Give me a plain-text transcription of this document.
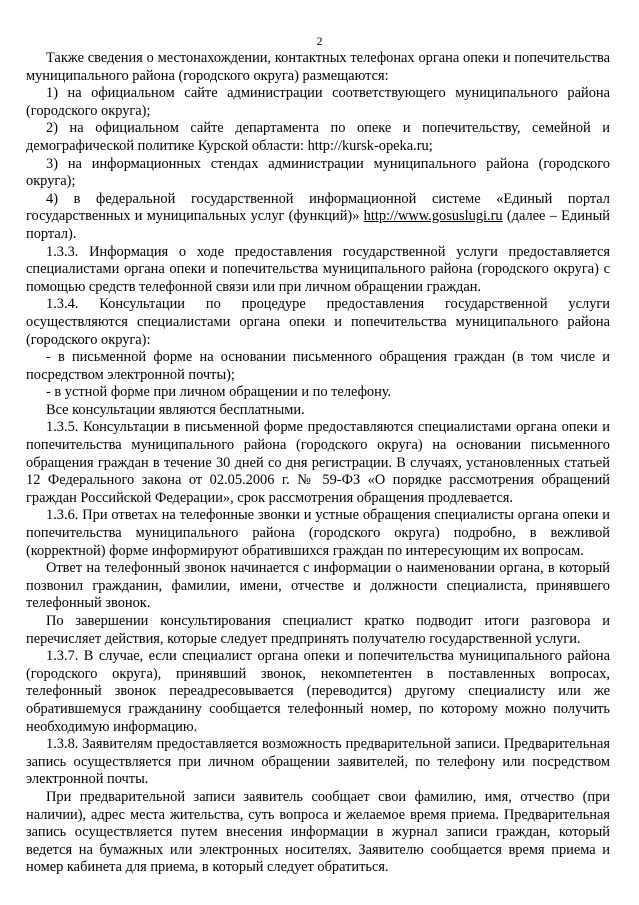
2

Также сведения о местонахождении, контактных телефонах органа опеки и попечительства муниципального района (городского округа) размещаются:

1) на официальном сайте администрации соответствующего муниципального района (городского округа);

2) на официальном сайте департамента по опеке и попечительству, семейной и демографической политике Курской области: http://kursk-opeka.ru;

3) на информационных стендах администрации муниципального района (городского округа);

4) в федеральной государственной информационной системе «Единый портал государственных и муниципальных услуг (функций)» http://www.gosuslugi.ru (далее – Единый портал).

1.3.3. Информация о ходе предоставления государственной услуги предоставляется специалистами органа опеки и попечительства муниципального района (городского округа) с помощью средств телефонной связи или при личном обращении граждан.

1.3.4. Консультации по процедуре предоставления государственной услуги осуществляются специалистами органа опеки и попечительства муниципального района (городского округа):

- в письменной форме на основании письменного обращения граждан (в том числе и посредством электронной почты);

- в устной форме при личном обращении и по телефону.

Все консультации являются бесплатными.

1.3.5. Консультации в письменной форме предоставляются специалистами органа опеки и попечительства муниципального района (городского округа) на основании письменного обращения граждан в течение 30 дней со дня регистрации. В случаях, установленных статьей 12 Федерального закона от 02.05.2006 г. № 59-ФЗ «О порядке рассмотрения обращений граждан Российской Федерации», срок рассмотрения обращения продлевается.

1.3.6. При ответах на телефонные звонки и устные обращения специалисты органа опеки и попечительства муниципального района (городского округа) подробно, в вежливой (корректной) форме информируют обратившихся граждан по интересующим их вопросам.

Ответ на телефонный звонок начинается с информации о наименовании органа, в который позвонил гражданин, фамилии, имени, отчестве и должности специалиста, принявшего телефонный звонок.

По завершении консультирования специалист кратко подводит итоги разговора и перечисляет действия, которые следует предпринять получателю государственной услуги.

1.3.7. В случае, если специалист органа опеки и попечительства муниципального района (городского округа), принявший звонок, некомпетентен в поставленных вопросах, телефонный звонок переадресовывается (переводится) другому специалисту или же обратившемуся гражданину сообщается телефонный номер, по которому можно получить необходимую информацию.

1.3.8. Заявителям предоставляется возможность предварительной записи. Предварительная запись осуществляется при личном обращении заявителей, по телефону или посредством электронной почты.

При предварительной записи заявитель сообщает свои фамилию, имя, отчество (при наличии), адрес места жительства, суть вопроса и желаемое время приема. Предварительная запись осуществляется путем внесения информации в журнал записи граждан, который ведется на бумажных или электронных носителях. Заявителю сообщается время приема и номер кабинета для приема, в который следует обратиться.
